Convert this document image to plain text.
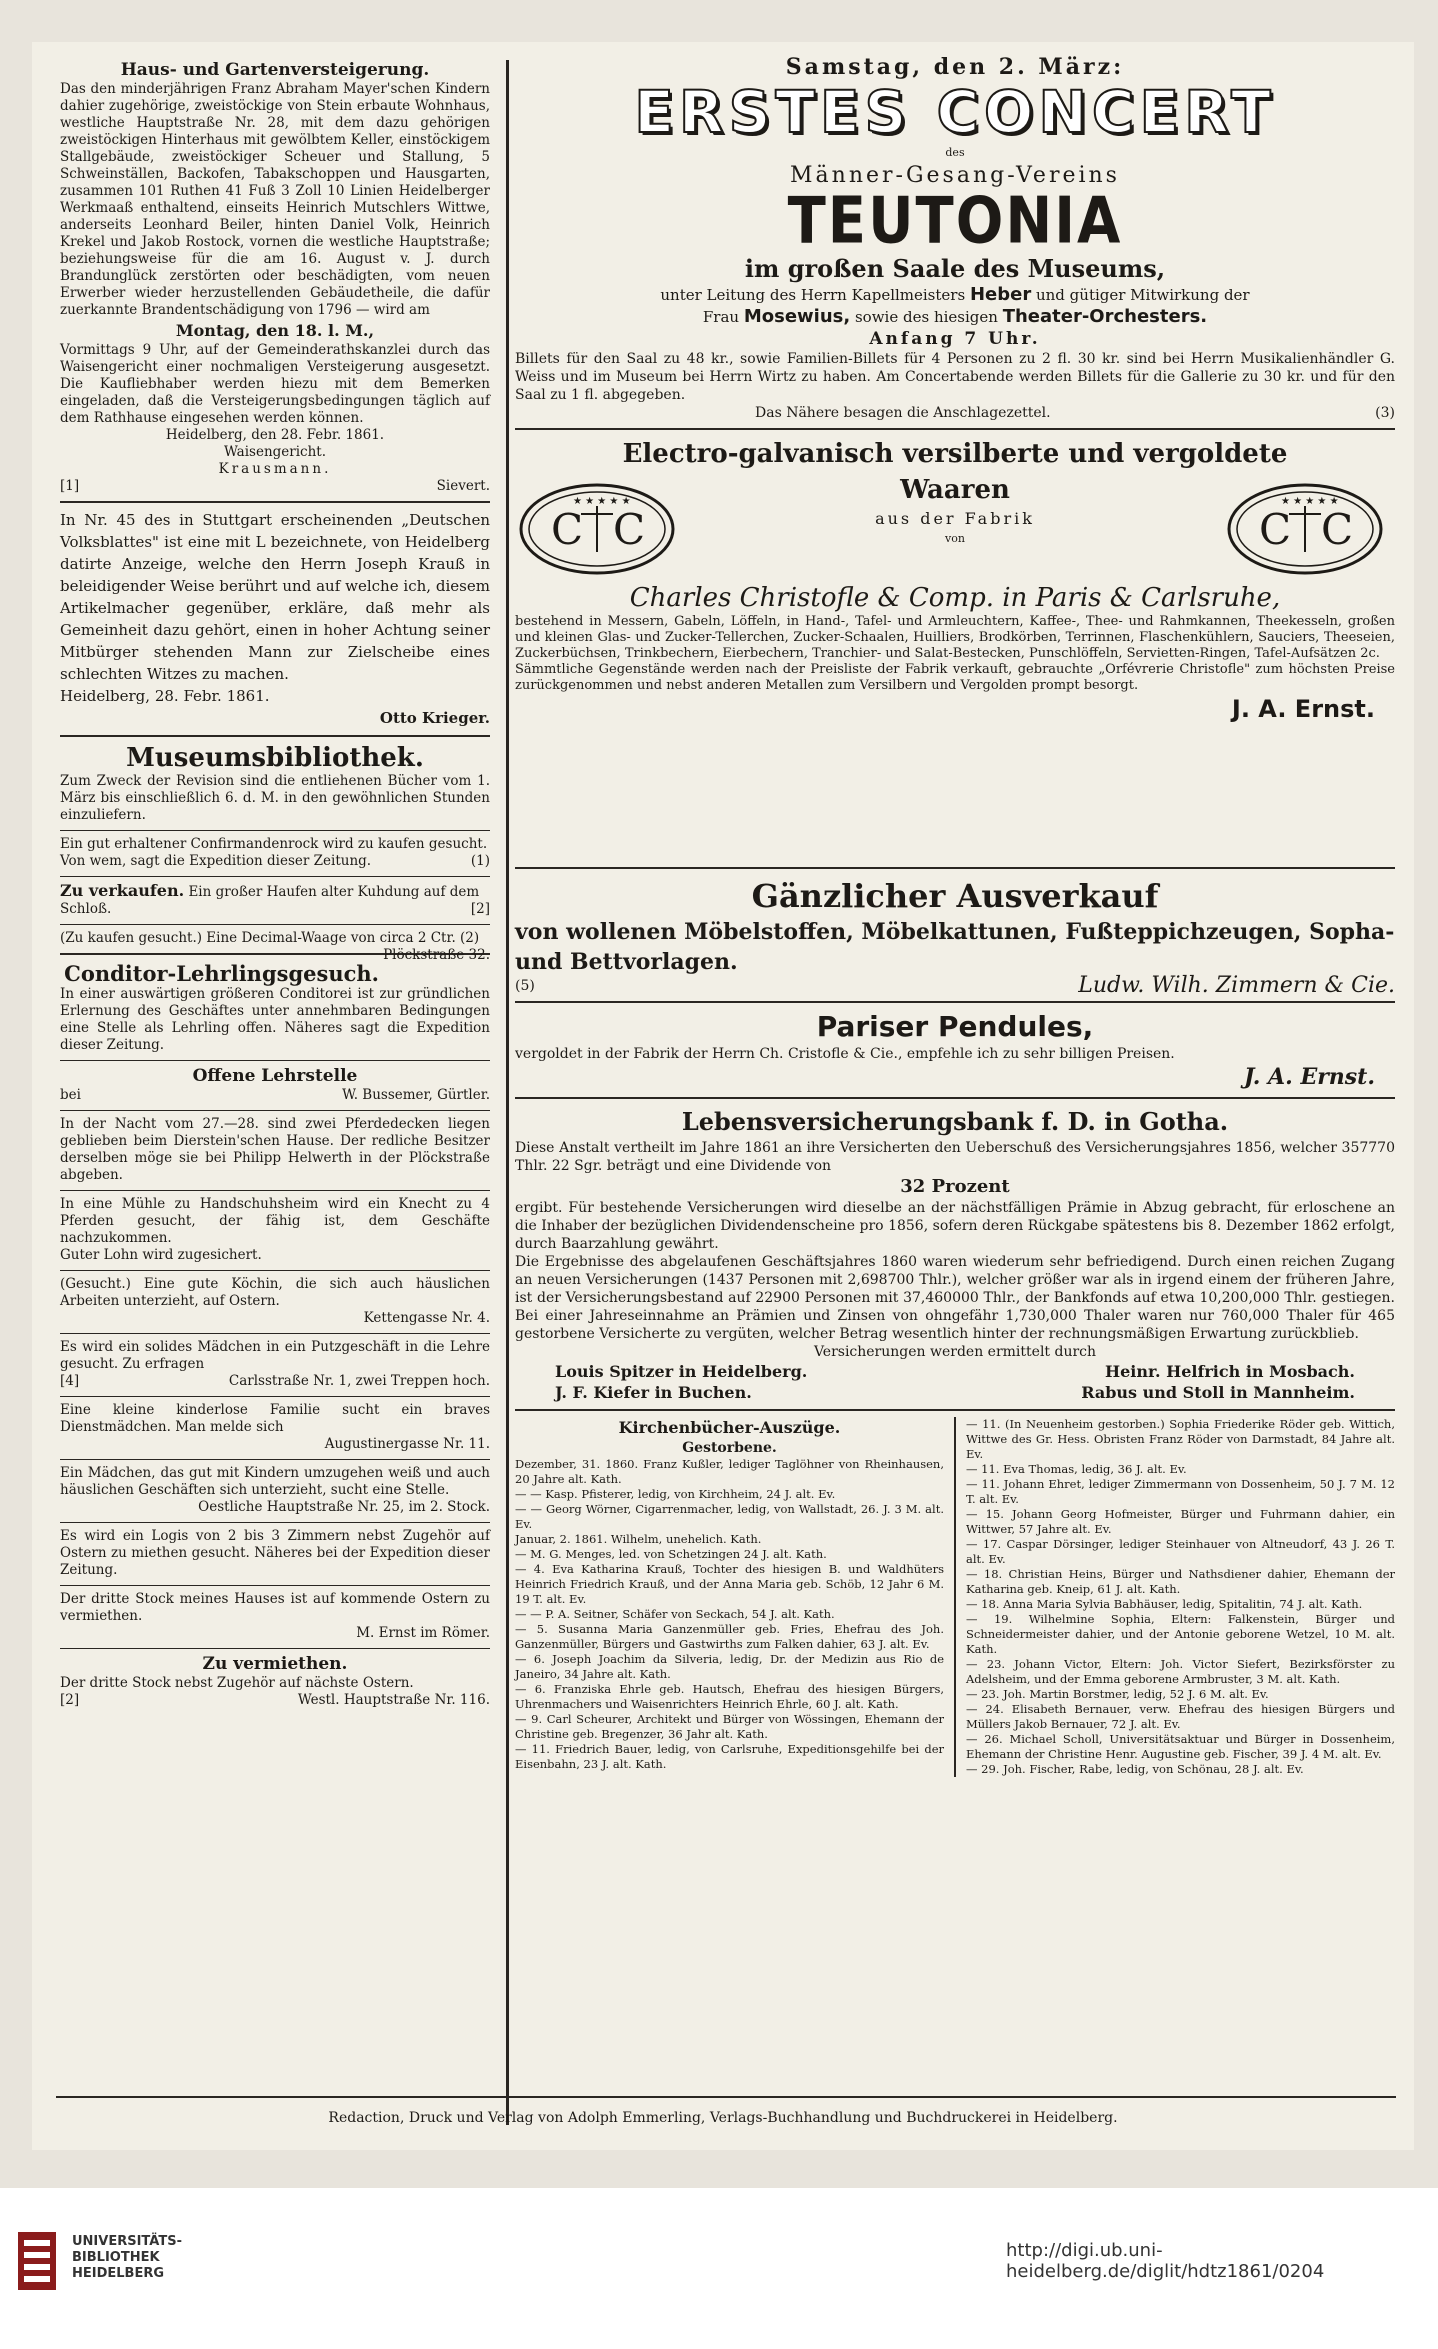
Haus- und Gartenversteigerung.
Das den minderjährigen Franz Abraham Mayer'schen Kindern dahier zugehörige, zweistöckige von Stein erbaute Wohnhaus, westliche Hauptstraße Nr. 28, mit dem dazu gehörigen zweistöckigen Hinterhaus mit gewölbtem Keller, einstöckigem Stallgebäude, zweistöckiger Scheuer und Stallung, 5 Schweinställen, Backofen, Tabakschoppen und Hausgarten, zusammen 101 Ruthen 41 Fuß 3 Zoll 10 Linien Heidelberger Werkmaaß enthaltend, einseits Heinrich Mutschlers Wittwe, anderseits Leonhard Beiler, hinten Daniel Volk, Heinrich Krekel und Jakob Rostock, vornen die westliche Hauptstraße; beziehungsweise für die am 16. August v. J. durch Brandunglück zerstörten oder beschädigten, vom neuen Erwerber wieder herzustellenden Gebäudetheile, die dafür zuerkannte Brandentschädigung von 1796 — wird am
Montag, den 18. l. M.,
Vormittags 9 Uhr, auf der Gemeinderathskanzlei durch das Waisengericht einer nochmaligen Versteigerung ausgesetzt. Die Kaufliebhaber werden hiezu mit dem Bemerken eingeladen, daß die Versteigerungsbedingungen täglich auf dem Rathhause eingesehen werden können.
Heidelberg, den 28. Febr. 1861.
Waisengericht.
Krausmann.
[1]	Sievert.
In Nr. 45 des in Stuttgart erscheinenden „Deutschen Volksblattes" ist eine mit L bezeichnete, von Heidelberg datirte Anzeige, welche den Herrn Joseph Krauß in beleidigender Weise berührt und auf welche ich, diesem Artikelmacher gegenüber, erkläre, daß mehr als Gemeinheit dazu gehört, einen in hoher Achtung seiner Mitbürger stehenden Mann zur Zielscheibe eines schlechten Witzes zu machen.
Heidelberg, 28. Febr. 1861.
Otto Krieger.
Museumsbibliothek.
Zum Zweck der Revision sind die entliehenen Bücher vom 1. März bis einschließlich 6. d. M. in den gewöhnlichen Stunden einzuliefern.
Ein gut erhaltener Confirmandenrock wird zu kaufen gesucht. Von wem, sagt die Expedition dieser Zeitung.	(1)
Zu verkaufen. Ein großer Haufen alter Kuhdung auf dem Schloß.	[2]
(Zu kaufen gesucht.) Eine Decimal-Waage von circa 2 Ctr. (2)
Plöckstraße 32.
Conditor-Lehrlingsgesuch.
In einer auswärtigen größeren Conditorei ist zur gründlichen Erlernung des Geschäftes unter annehmbaren Bedingungen eine Stelle als Lehrling offen. Näheres sagt die Expedition dieser Zeitung.
Offene Lehrstelle
bei	W. Bussemer, Gürtler.
In der Nacht vom 27.—28. sind zwei Pferdedecken liegen geblieben beim Dierstein'schen Hause. Der redliche Besitzer derselben möge sie bei Philipp Helwerth in der Plöckstraße abgeben.
In eine Mühle zu Handschuhsheim wird ein Knecht zu 4 Pferden gesucht, der fähig ist, dem Geschäfte nachzukommen.
Guter Lohn wird zugesichert.
(Gesucht.) Eine gute Köchin, die sich auch häuslichen Arbeiten unterzieht, auf Ostern.
Kettengasse Nr. 4.
Es wird ein solides Mädchen in ein Putzgeschäft in die Lehre gesucht. Zu erfragen
[4]	Carlsstraße Nr. 1, zwei Treppen hoch.
Eine kleine kinderlose Familie sucht ein braves Dienstmädchen. Man melde sich
Augustinergasse Nr. 11.
Ein Mädchen, das gut mit Kindern umzugehen weiß und auch häuslichen Geschäften sich unterzieht, sucht eine Stelle.
Oestliche Hauptstraße Nr. 25, im 2. Stock.
Es wird ein Logis von 2 bis 3 Zimmern nebst Zugehör auf Ostern zu miethen gesucht. Näheres bei der Expedition dieser Zeitung.
Der dritte Stock meines Hauses ist auf kommende Ostern zu vermiethen.
M. Ernst im Römer.
Zu vermiethen.
Der dritte Stock nebst Zugehör auf nächste Ostern.
[2]	Westl. Hauptstraße Nr. 116.
Samstag, den 2. März:
ERSTES CONCERT
des
Männer-Gesang-Vereins
TEUTONIA
im großen Saale des Museums,
unter Leitung des Herrn Kapellmeisters Heber und gütiger Mitwirkung der
Frau Mosewius, sowie des hiesigen Theater-Orchesters.
Anfang 7 Uhr.
Billets für den Saal zu 48 kr., sowie Familien-Billets für 4 Personen zu 2 fl. 30 kr. sind bei Herrn Musikalienhändler G. Weiss und im Museum bei Herrn Wirtz zu haben. Am Concertabende werden Billets für die Gallerie zu 30 kr. und für den Saal zu 1 fl. abgegeben.
Das Nähere besagen die Anschlagezettel.	(3)
Electro-galvanisch versilberte und vergoldete
Waaren
aus der Fabrik
von
C C
★ ★ ★ ★ ★
C C
★ ★ ★ ★ ★
Charles Christofle & Comp. in Paris & Carlsruhe,
bestehend in Messern, Gabeln, Löffeln, in Hand-, Tafel- und Armleuchtern, Kaffee-, Thee- und Rahmkannen, Theekesseln, großen und kleinen Glas- und Zucker-Tellerchen, Zucker-Schaalen, Huilliers, Brodkörben, Terrinnen, Flaschenkühlern, Sauciers, Theeseien, Zuckerbüchsen, Trinkbechern, Eierbechern, Tranchier- und Salat-Bestecken, Punschlöffeln, Servietten-Ringen, Tafel-Aufsätzen 2c.
Sämmtliche Gegenstände werden nach der Preisliste der Fabrik verkauft, gebrauchte „Orfévrerie Christofle" zum höchsten Preise zurückgenommen und nebst anderen Metallen zum Versilbern und Vergolden prompt besorgt.
J. A. Ernst.
Gänzlicher Ausverkauf
von wollenen Möbelstoffen, Möbelkattunen, Fußteppichzeugen, Sopha- und Bettvorlagen.
(5)	Ludw. Wilh. Zimmern & Cie.
Pariser Pendules,
vergoldet in der Fabrik der Herrn Ch. Cristofle & Cie., empfehle ich zu sehr billigen Preisen.
J. A. Ernst.
Lebensversicherungsbank f. D. in Gotha.
Diese Anstalt vertheilt im Jahre 1861 an ihre Versicherten den Ueberschuß des Versicherungsjahres 1856, welcher 357770 Thlr. 22 Sgr. beträgt und eine Dividende von
32 Prozent
ergibt. Für bestehende Versicherungen wird dieselbe an der nächstfälligen Prämie in Abzug gebracht, für erloschene an die Inhaber der bezüglichen Dividendenscheine pro 1856, sofern deren Rückgabe spätestens bis 8. Dezember 1862 erfolgt, durch Baarzahlung gewährt.
Die Ergebnisse des abgelaufenen Geschäftsjahres 1860 waren wiederum sehr befriedigend. Durch einen reichen Zugang an neuen Versicherungen (1437 Personen mit 2,698700 Thlr.), welcher größer war als in irgend einem der früheren Jahre, ist der Versicherungsbestand auf 22900 Personen mit 37,460000 Thlr., der Bankfonds auf etwa 10,200,000 Thlr. gestiegen. Bei einer Jahreseinnahme an Prämien und Zinsen von ohngefähr 1,730,000 Thaler waren nur 760,000 Thaler für 465 gestorbene Versicherte zu vergüten, welcher Betrag wesentlich hinter der rechnungsmäßigen Erwartung zurückblieb.
Versicherungen werden ermittelt durch
Louis Spitzer in Heidelberg.	Heinr. Helfrich in Mosbach.
J. F. Kiefer in Buchen.	Rabus und Stoll in Mannheim.
Kirchenbücher-Auszüge.
Gestorbene.
Dezember, 31. 1860. Franz Kußler, lediger Taglöhner von Rheinhausen, 20 Jahre alt. Kath.
— — Kasp. Pfisterer, ledig, von Kirchheim, 24 J. alt. Ev.
— — Georg Wörner, Cigarrenmacher, ledig, von Wallstadt, 26. J. 3 M. alt. Ev.
Januar, 2. 1861. Wilhelm, unehelich. Kath.
— M. G. Menges, led. von Schetzingen 24 J. alt. Kath.
— 4. Eva Katharina Krauß, Tochter des hiesigen B. und Waldhüters Heinrich Friedrich Krauß, und der Anna Maria geb. Schöb, 12 Jahr 6 M. 19 T. alt. Ev.
— — P. A. Seitner, Schäfer von Seckach, 54 J. alt. Kath.
— 5. Susanna Maria Ganzenmüller geb. Fries, Ehefrau des Joh. Ganzenmüller, Bürgers und Gastwirths zum Falken dahier, 63 J. alt. Ev.
— 6. Joseph Joachim da Silveria, ledig, Dr. der Medizin aus Rio de Janeiro, 34 Jahre alt. Kath.
— 6. Franziska Ehrle geb. Hautsch, Ehefrau des hiesigen Bürgers, Uhrenmachers und Waisenrichters Heinrich Ehrle, 60 J. alt. Kath.
— 9. Carl Scheurer, Architekt und Bürger von Wössingen, Ehemann der Christine geb. Bregenzer, 36 Jahr alt. Kath.
— 11. Friedrich Bauer, ledig, von Carlsruhe, Expeditionsgehilfe bei der Eisenbahn, 23 J. alt. Kath.
— 11. (In Neuenheim gestorben.) Sophia Friederike Röder geb. Wittich, Wittwe des Gr. Hess. Obristen Franz Röder von Darmstadt, 84 Jahre alt. Ev.
— 11. Eva Thomas, ledig, 36 J. alt. Ev.
— 11. Johann Ehret, lediger Zimmermann von Dossenheim, 50 J. 7 M. 12 T. alt. Ev.
— 15. Johann Georg Hofmeister, Bürger und Fuhrmann dahier, ein Wittwer, 57 Jahre alt. Ev.
— 17. Caspar Dörsinger, lediger Steinhauer von Altneudorf, 43 J. 26 T. alt. Ev.
— 18. Christian Heins, Bürger und Nathsdiener dahier, Ehemann der Katharina geb. Kneip, 61 J. alt. Kath.
— 18. Anna Maria Sylvia Babhäuser, ledig, Spitalitin, 74 J. alt. Kath.
— 19. Wilhelmine Sophia, Eltern: Falkenstein, Bürger und Schneidermeister dahier, und der Antonie geborene Wetzel, 10 M. alt. Kath.
— 23. Johann Victor, Eltern: Joh. Victor Siefert, Bezirksförster zu Adelsheim, und der Emma geborene Armbruster, 3 M. alt. Kath.
— 23. Joh. Martin Borstmer, ledig, 52 J. 6 M. alt. Ev.
— 24. Elisabeth Bernauer, verw. Ehefrau des hiesigen Bürgers und Müllers Jakob Bernauer, 72 J. alt. Ev.
— 26. Michael Scholl, Universitätsaktuar und Bürger in Dossenheim, Ehemann der Christine Henr. Augustine geb. Fischer, 39 J. 4 M. alt. Ev.
— 29. Joh. Fischer, Rabe, ledig, von Schönau, 28 J. alt. Ev.
Redaction, Druck und Verlag von Adolph Emmerling, Verlags-Buchhandlung und Buchdruckerei in Heidelberg.
UNIVERSITÄTS-
BIBLIOTHEK
HEIDELBERG
http://digi.ub.uni-heidelberg.de/diglit/hdtz1861/0204
